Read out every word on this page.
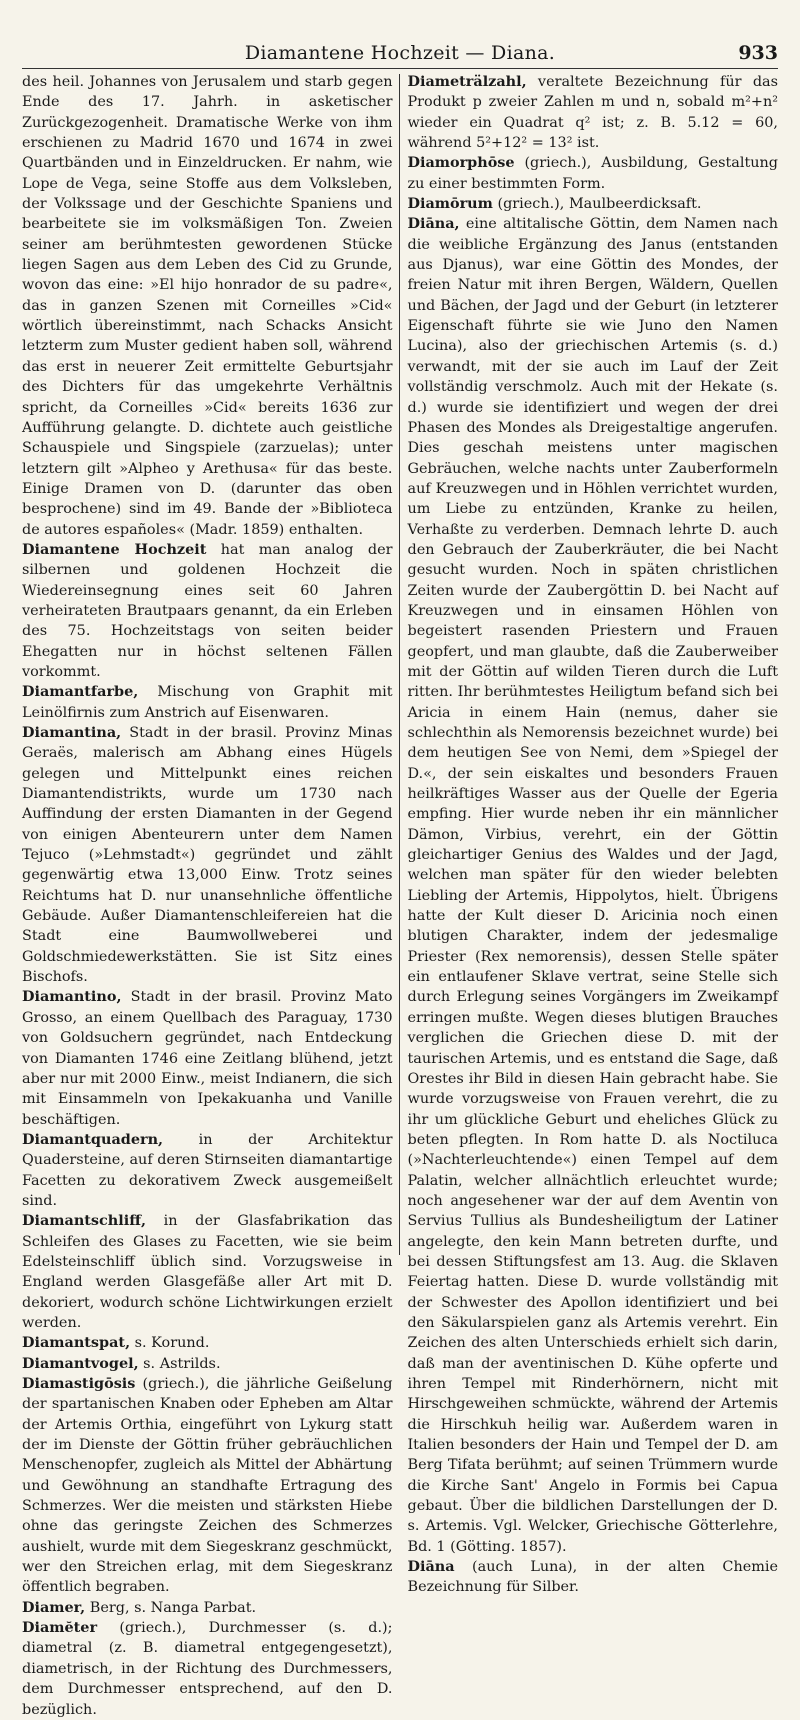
Diamantene Hochzeit — Diana.	933

des heil. Johannes von Jerusalem und starb gegen Ende des 17. Jahrh. in asketischer Zurückgezogenheit. Dramatische Werke von ihm erschienen zu Madrid 1670 und 1674 in zwei Quartbänden und in Einzeldrucken. Er nahm, wie Lope de Vega, seine Stoffe aus dem Volksleben, der Volkssage und der Geschichte Spaniens und bearbeitete sie im volksmäßigen Ton. Zweien seiner am berühmtesten gewordenen Stücke liegen Sagen aus dem Leben des Cid zu Grunde, wovon das eine: »El hijo honrador de su padre«, das in ganzen Szenen mit Corneilles »Cid« wörtlich übereinstimmt, nach Schacks Ansicht letzterm zum Muster gedient haben soll, während das erst in neuerer Zeit ermittelte Geburtsjahr des Dichters für das umgekehrte Verhältnis spricht, da Corneilles »Cid« bereits 1636 zur Aufführung gelangte. D. dichtete auch geistliche Schauspiele und Singspiele (zarzuelas); unter letztern gilt »Alpheo y Arethusa« für das beste. Einige Dramen von D. (darunter das oben besprochene) sind im 49. Bande der »Biblioteca de autores españoles« (Madr. 1859) enthalten.

Diamantene Hochzeit hat man analog der silbernen und goldenen Hochzeit die Wiedereinsegnung eines seit 60 Jahren verheirateten Brautpaars genannt, da ein Erleben des 75. Hochzeitstags von seiten beider Ehegatten nur in höchst seltenen Fällen vorkommt.

Diamantfarbe, Mischung von Graphit mit Leinölfirnis zum Anstrich auf Eisenwaren.

Diamantina, Stadt in der brasil. Provinz Minas Geraës, malerisch am Abhang eines Hügels gelegen und Mittelpunkt eines reichen Diamantendistrikts, wurde um 1730 nach Auffindung der ersten Diamanten in der Gegend von einigen Abenteurern unter dem Namen Tejuco (»Lehmstadt«) gegründet und zählt gegenwärtig etwa 13,000 Einw. Trotz seines Reichtums hat D. nur unansehnliche öffentliche Gebäude. Außer Diamantenschleifereien hat die Stadt eine Baumwollweberei und Goldschmiedewerkstätten. Sie ist Sitz eines Bischofs.

Diamantino, Stadt in der brasil. Provinz Mato Grosso, an einem Quellbach des Paraguay, 1730 von Goldsuchern gegründet, nach Entdeckung von Diamanten 1746 eine Zeitlang blühend, jetzt aber nur mit 2000 Einw., meist Indianern, die sich mit Einsammeln von Ipekakuanha und Vanille beschäftigen.

Diamantquadern, in der Architektur Quadersteine, auf deren Stirnseiten diamantartige Facetten zu dekorativem Zweck ausgemeißelt sind.

Diamantschliff, in der Glasfabrikation das Schleifen des Glases zu Facetten, wie sie beim Edelsteinschliff üblich sind. Vorzugsweise in England werden Glasgefäße aller Art mit D. dekoriert, wodurch schöne Lichtwirkungen erzielt werden.

Diamantspat, s. Korund.

Diamantvogel, s. Astrilds.

Diamastigōsis (griech.), die jährliche Geißelung der spartanischen Knaben oder Epheben am Altar der Artemis Orthia, eingeführt von Lykurg statt der im Dienste der Göttin früher gebräuchlichen Menschenopfer, zugleich als Mittel der Abhärtung und Gewöhnung an standhafte Ertragung des Schmerzes. Wer die meisten und stärksten Hiebe ohne das geringste Zeichen des Schmerzes aushielt, wurde mit dem Siegeskranz geschmückt, wer den Streichen erlag, mit dem Siegeskranz öffentlich begraben.

Diamer, Berg, s. Nanga Parbat.

Diamĕter (griech.), Durchmesser (s. d.); diametral (z. B. diametral entgegengesetzt), diametrisch, in der Richtung des Durchmessers, dem Durchmesser entsprechend, auf den D. bezüglich.

Diameträlzahl, veraltete Bezeichnung für das Produkt p zweier Zahlen m und n, sobald m²+n² wieder ein Quadrat q² ist; z. B. 5.12 = 60, während 5²+12² = 13² ist.

Diamorphōse (griech.), Ausbildung, Gestaltung zu einer bestimmten Form.

Diamōrum (griech.), Maulbeerdicksaft.

Diāna, eine altitalische Göttin, dem Namen nach die weibliche Ergänzung des Janus (entstanden aus Djanus), war eine Göttin des Mondes, der freien Natur mit ihren Bergen, Wäldern, Quellen und Bächen, der Jagd und der Geburt (in letzterer Eigenschaft führte sie wie Juno den Namen Lucina), also der griechischen Artemis (s. d.) verwandt, mit der sie auch im Lauf der Zeit vollständig verschmolz. Auch mit der Hekate (s. d.) wurde sie identifiziert und wegen der drei Phasen des Mondes als Dreigestaltige angerufen. Dies geschah meistens unter magischen Gebräuchen, welche nachts unter Zauberformeln auf Kreuzwegen und in Höhlen verrichtet wurden, um Liebe zu entzünden, Kranke zu heilen, Verhaßte zu verderben. Demnach lehrte D. auch den Gebrauch der Zauberkräuter, die bei Nacht gesucht wurden. Noch in späten christlichen Zeiten wurde der Zaubergöttin D. bei Nacht auf Kreuzwegen und in einsamen Höhlen von begeistert rasenden Priestern und Frauen geopfert, und man glaubte, daß die Zauberweiber mit der Göttin auf wilden Tieren durch die Luft ritten. Ihr berühmtestes Heiligtum befand sich bei Aricia in einem Hain (nemus, daher sie schlechthin als Nemorensis bezeichnet wurde) bei dem heutigen See von Nemi, dem »Spiegel der D.«, der sein eiskaltes und besonders Frauen heilkräftiges Wasser aus der Quelle der Egeria empfing. Hier wurde neben ihr ein männlicher Dämon, Virbius, verehrt, ein der Göttin gleichartiger Genius des Waldes und der Jagd, welchen man später für den wieder belebten Liebling der Artemis, Hippolytos, hielt. Übrigens hatte der Kult dieser D. Aricinia noch einen blutigen Charakter, indem der jedesmalige Priester (Rex nemorensis), dessen Stelle später ein entlaufener Sklave vertrat, seine Stelle sich durch Erlegung seines Vorgängers im Zweikampf erringen mußte. Wegen dieses blutigen Brauches verglichen die Griechen diese D. mit der taurischen Artemis, und es entstand die Sage, daß Orestes ihr Bild in diesen Hain gebracht habe. Sie wurde vorzugsweise von Frauen verehrt, die zu ihr um glückliche Geburt und eheliches Glück zu beten pflegten. In Rom hatte D. als Noctiluca (»Nachterleuchtende«) einen Tempel auf dem Palatin, welcher allnächtlich erleuchtet wurde; noch angesehener war der auf dem Aventin von Servius Tullius als Bundesheiligtum der Latiner angelegte, den kein Mann betreten durfte, und bei dessen Stiftungsfest am 13. Aug. die Sklaven Feiertag hatten. Diese D. wurde vollständig mit der Schwester des Apollon identifiziert und bei den Säkularspielen ganz als Artemis verehrt. Ein Zeichen des alten Unterschieds erhielt sich darin, daß man der aventinischen D. Kühe opferte und ihren Tempel mit Rinderhörnern, nicht mit Hirschgeweihen schmückte, während der Artemis die Hirschkuh heilig war. Außerdem waren in Italien besonders der Hain und Tempel der D. am Berg Tifata berühmt; auf seinen Trümmern wurde die Kirche Sant' Angelo in Formis bei Capua gebaut. Über die bildlichen Darstellungen der D. s. Artemis. Vgl. Welcker, Griechische Götterlehre, Bd. 1 (Götting. 1857).

Diāna (auch Luna), in der alten Chemie Bezeichnung für Silber.
